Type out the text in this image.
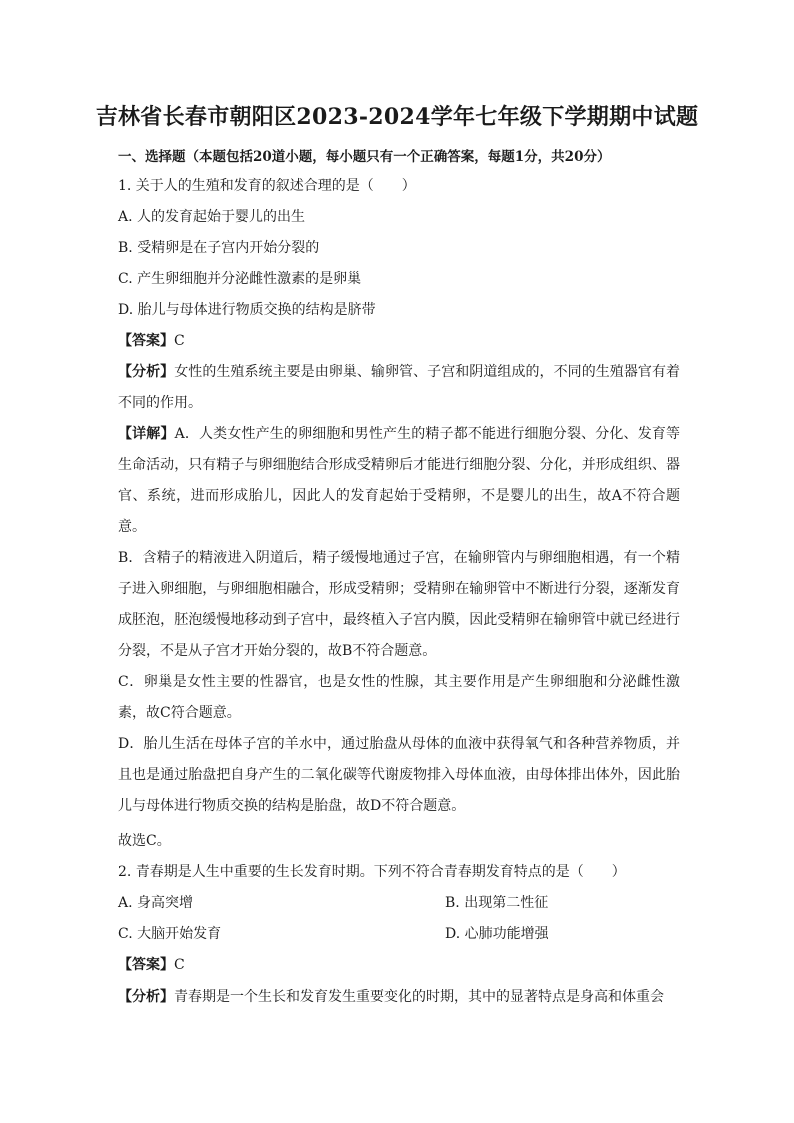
吉林省长春市朝阳区2023-2024学年七年级下学期期中试题
一、选择题（本题包括20道小题，每小题只有一个正确答案，每题1分，共20分）
1. 关于人的生殖和发育的叙述合理的是（　　）
A. 人的发育起始于婴儿的出生
B. 受精卵是在子宫内开始分裂的
C. 产生卵细胞并分泌雌性激素的是卵巢
D. 胎儿与母体进行物质交换的结构是脐带
【答案】C
【分析】女性的生殖系统主要是由卵巢、输卵管、子宫和阴道组成的，不同的生殖器官有着不同的作用。
【详解】A．人类女性产生的卵细胞和男性产生的精子都不能进行细胞分裂、分化、发育等生命活动，只有精子与卵细胞结合形成受精卵后才能进行细胞分裂、分化，并形成组织、器官、系统，进而形成胎儿，因此人的发育起始于受精卵，不是婴儿的出生，故A不符合题意。
B．含精子的精液进入阴道后，精子缓慢地通过子宫，在输卵管内与卵细胞相遇，有一个精子进入卵细胞，与卵细胞相融合，形成受精卵；受精卵在输卵管中不断进行分裂，逐渐发育成胚泡，胚泡缓慢地移动到子宫中，最终植入子宫内膜，因此受精卵在输卵管中就已经进行分裂，不是从子宫才开始分裂的，故B不符合题意。
C．卵巢是女性主要的性器官，也是女性的性腺，其主要作用是产生卵细胞和分泌雌性激素，故C符合题意。
D．胎儿生活在母体子宫的羊水中，通过胎盘从母体的血液中获得氧气和各种营养物质，并且也是通过胎盘把自身产生的二氧化碳等代谢废物排入母体血液，由母体排出体外，因此胎儿与母体进行物质交换的结构是胎盘，故D不符合题意。
故选C。
2. 青春期是人生中重要的生长发育时期。下列不符合青春期发育特点的是（　　）
A. 身高突增	B. 出现第二性征
C. 大脑开始发育	D. 心肺功能增强
【答案】C
【分析】青春期是一个生长和发育发生重要变化的时期，其中的显著特点是身高和体重会
